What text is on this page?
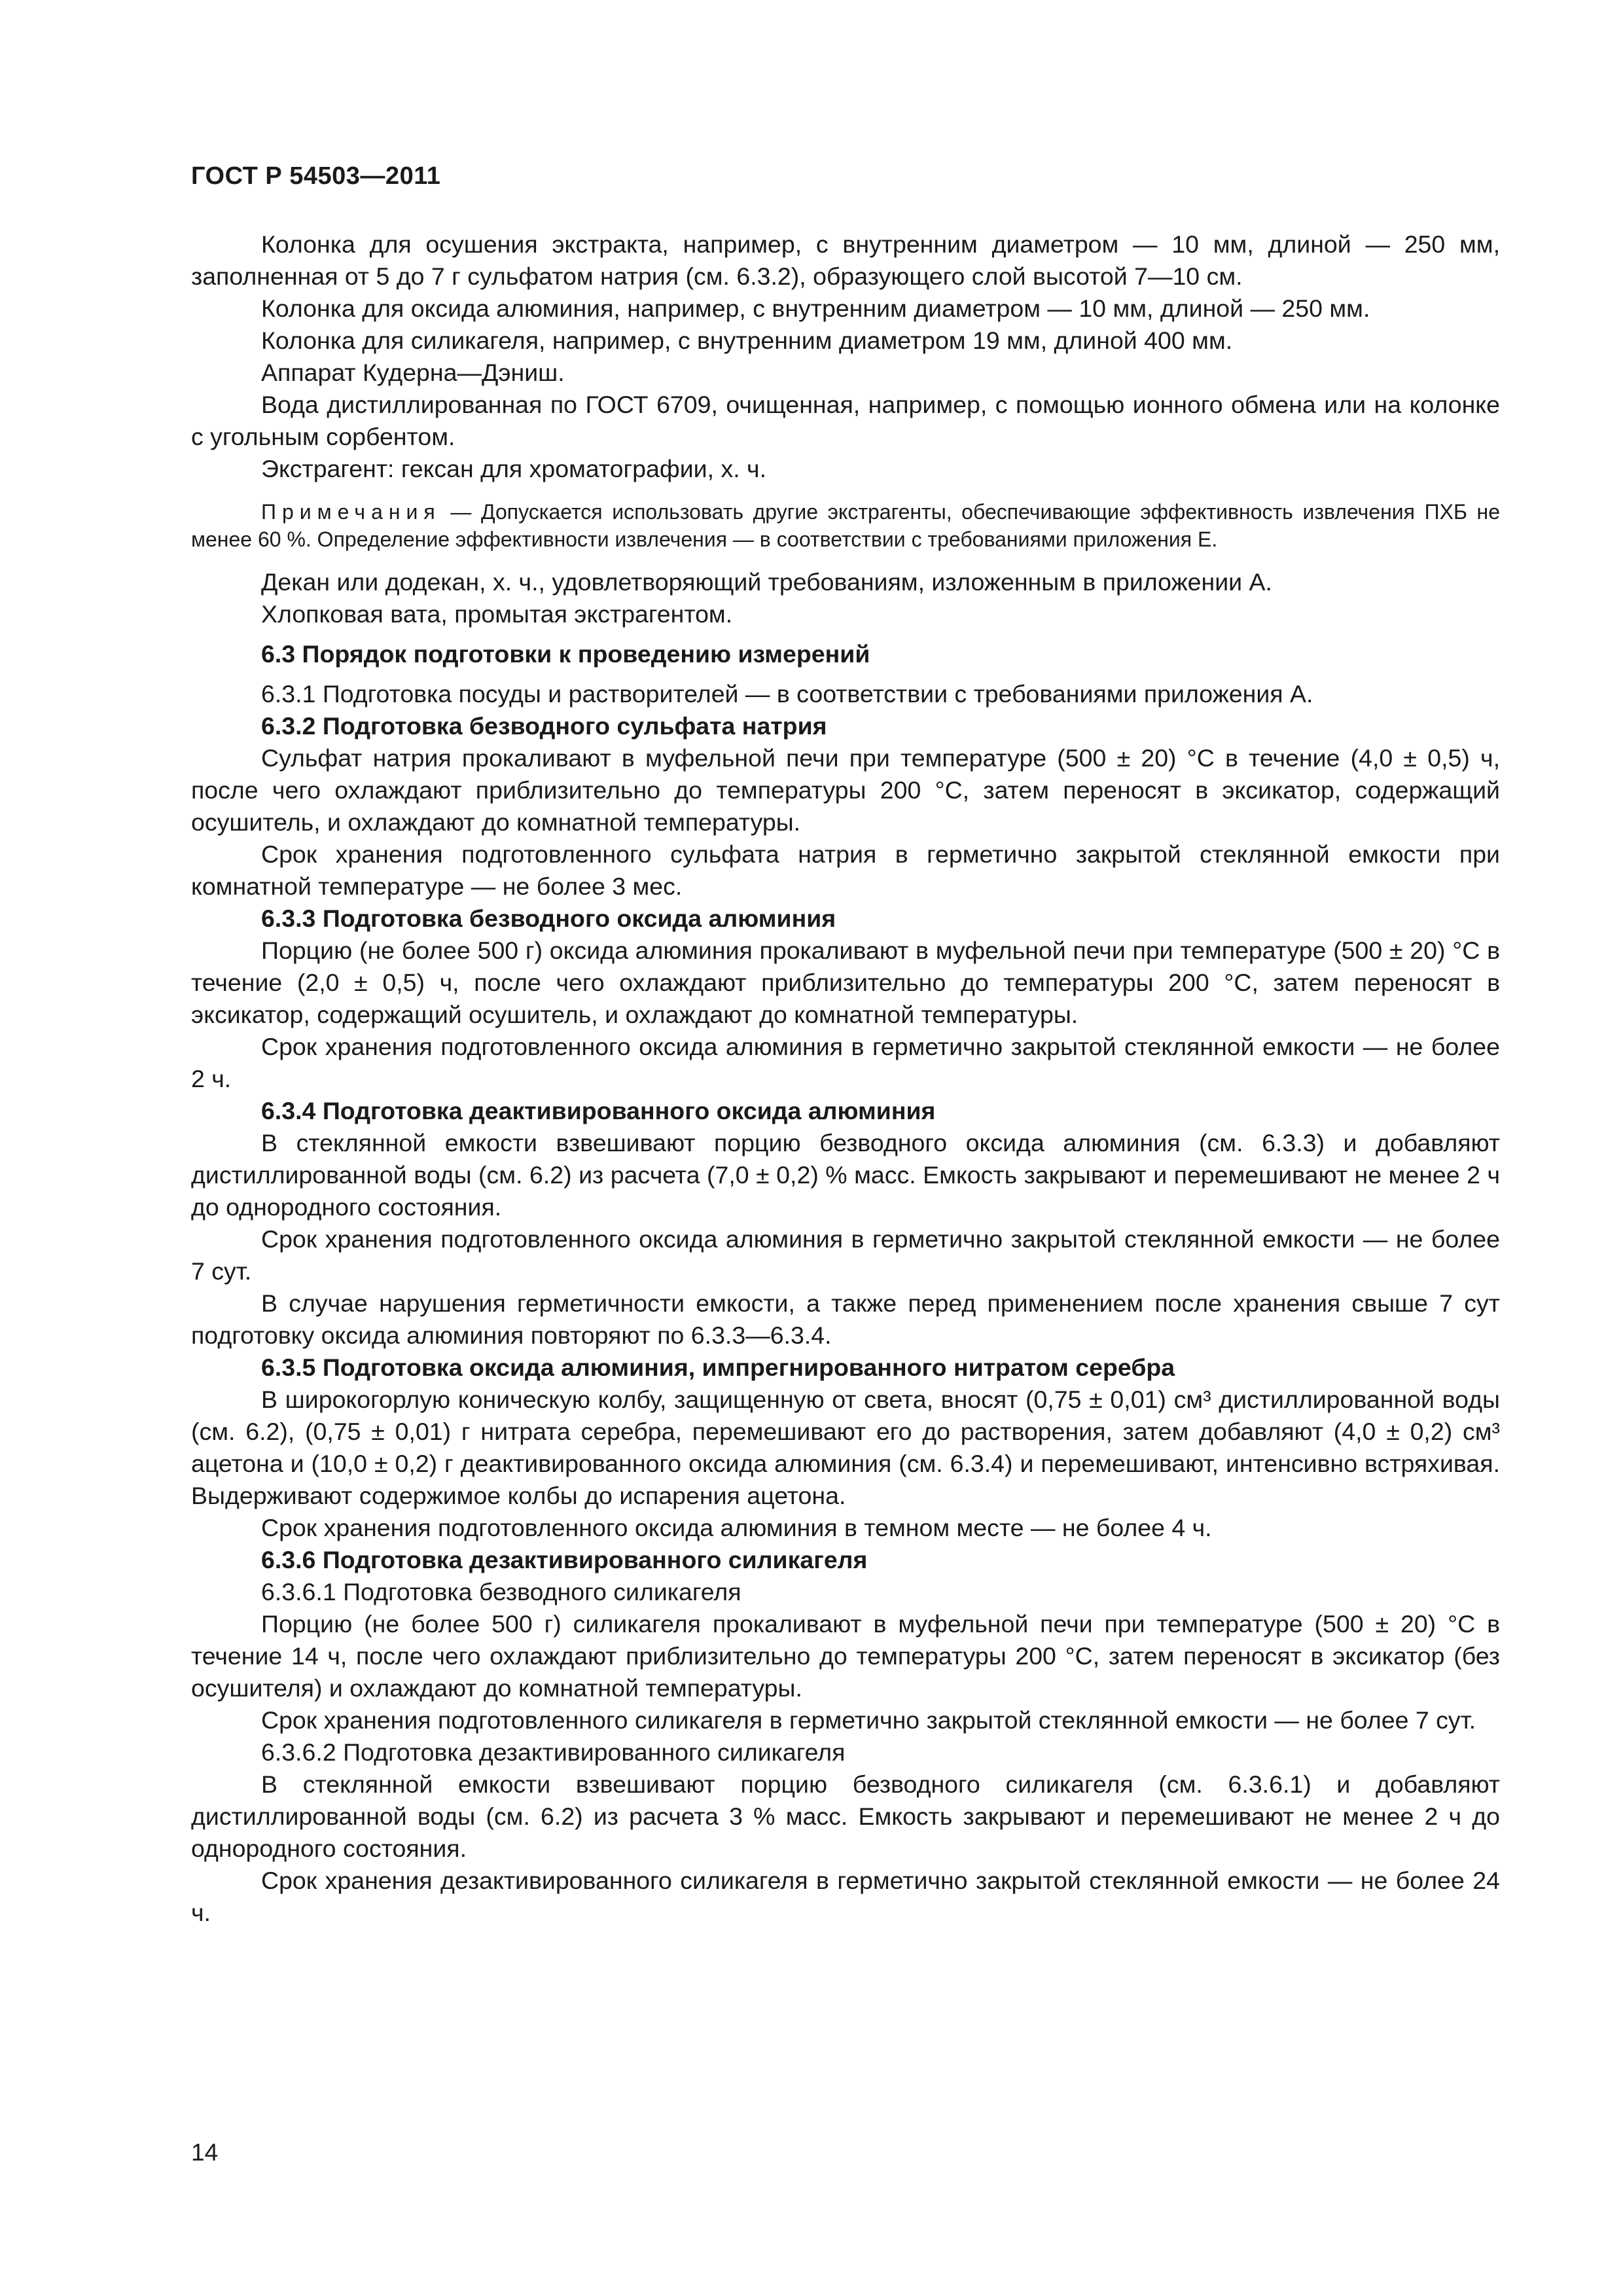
ГОСТ Р 54503—2011

Колонка для осушения экстракта, например, с внутренним диаметром — 10 мм, длиной — 250 мм, заполненная от 5 до 7 г сульфатом натрия (см. 6.3.2), образующего слой высотой 7—10 см.

Колонка для оксида алюминия, например, с внутренним диаметром — 10 мм, длиной — 250 мм.

Колонка для силикагеля, например, с внутренним диаметром 19 мм, длиной 400 мм.

Аппарат Кудерна—Дэниш.

Вода дистиллированная по ГОСТ 6709, очищенная, например, с помощью ионного обмена или на колонке с угольным сорбентом.

Экстрагент: гексан для хроматографии, х. ч.

Примечания — Допускается использовать другие экстрагенты, обеспечивающие эффективность извлечения ПХБ не менее 60 %. Определение эффективности извлечения — в соответствии с требованиями приложения Е.

Декан или додекан, х. ч., удовлетворяющий требованиям, изложенным в приложении А.

Хлопковая вата, промытая экстрагентом.

6.3 Порядок подготовки к проведению измерений

6.3.1 Подготовка посуды и растворителей — в соответствии с требованиями приложения А.

6.3.2 Подготовка безводного сульфата натрия

Сульфат натрия прокаливают в муфельной печи при температуре (500 ± 20) °С в течение (4,0 ± 0,5) ч, после чего охлаждают приблизительно до температуры 200 °С, затем переносят в эксикатор, содержащий осушитель, и охлаждают до комнатной температуры.

Срок хранения подготовленного сульфата натрия в герметично закрытой стеклянной емкости при комнатной температуре — не более 3 мес.

6.3.3 Подготовка безводного оксида алюминия

Порцию (не более 500 г) оксида алюминия прокаливают в муфельной печи при температуре (500 ± 20) °С в течение (2,0 ± 0,5) ч, после чего охлаждают приблизительно до температуры 200 °С, затем переносят в эксикатор, содержащий осушитель, и охлаждают до комнатной температуры.

Срок хранения подготовленного оксида алюминия в герметично закрытой стеклянной емкости — не более 2 ч.

6.3.4 Подготовка деактивированного оксида алюминия

В стеклянной емкости взвешивают порцию безводного оксида алюминия (см. 6.3.3) и добавляют дистиллированной воды (см. 6.2) из расчета (7,0 ± 0,2) % масс. Емкость закрывают и перемешивают не менее 2 ч до однородного состояния.

Срок хранения подготовленного оксида алюминия в герметично закрытой стеклянной емкости — не более 7 сут.

В случае нарушения герметичности емкости, а также перед применением после хранения свыше 7 сут подготовку оксида алюминия повторяют по 6.3.3—6.3.4.

6.3.5 Подготовка оксида алюминия, импрегнированного нитратом серебра

В широкогорлую коническую колбу, защищенную от света, вносят (0,75 ± 0,01) см³ дистиллированной воды (см. 6.2), (0,75 ± 0,01) г нитрата серебра, перемешивают его до растворения, затем добавляют (4,0 ± 0,2) см³ ацетона и (10,0 ± 0,2) г деактивированного оксида алюминия (см. 6.3.4) и перемешивают, интенсивно встряхивая. Выдерживают содержимое колбы до испарения ацетона.

Срок хранения подготовленного оксида алюминия в темном месте — не более 4 ч.

6.3.6 Подготовка дезактивированного силикагеля

6.3.6.1 Подготовка безводного силикагеля

Порцию (не более 500 г) силикагеля прокаливают в муфельной печи при температуре (500 ± 20) °С в течение 14 ч, после чего охлаждают приблизительно до температуры 200 °С, затем переносят в эксикатор (без осушителя) и охлаждают до комнатной температуры.

Срок хранения подготовленного силикагеля в герметично закрытой стеклянной емкости — не более 7 сут.

6.3.6.2 Подготовка дезактивированного силикагеля

В стеклянной емкости взвешивают порцию безводного силикагеля (см. 6.3.6.1) и добавляют дистиллированной воды (см. 6.2) из расчета 3 % масс. Емкость закрывают и перемешивают не менее 2 ч до однородного состояния.

Срок хранения дезактивированного силикагеля в герметично закрытой стеклянной емкости — не более 24 ч.

14
